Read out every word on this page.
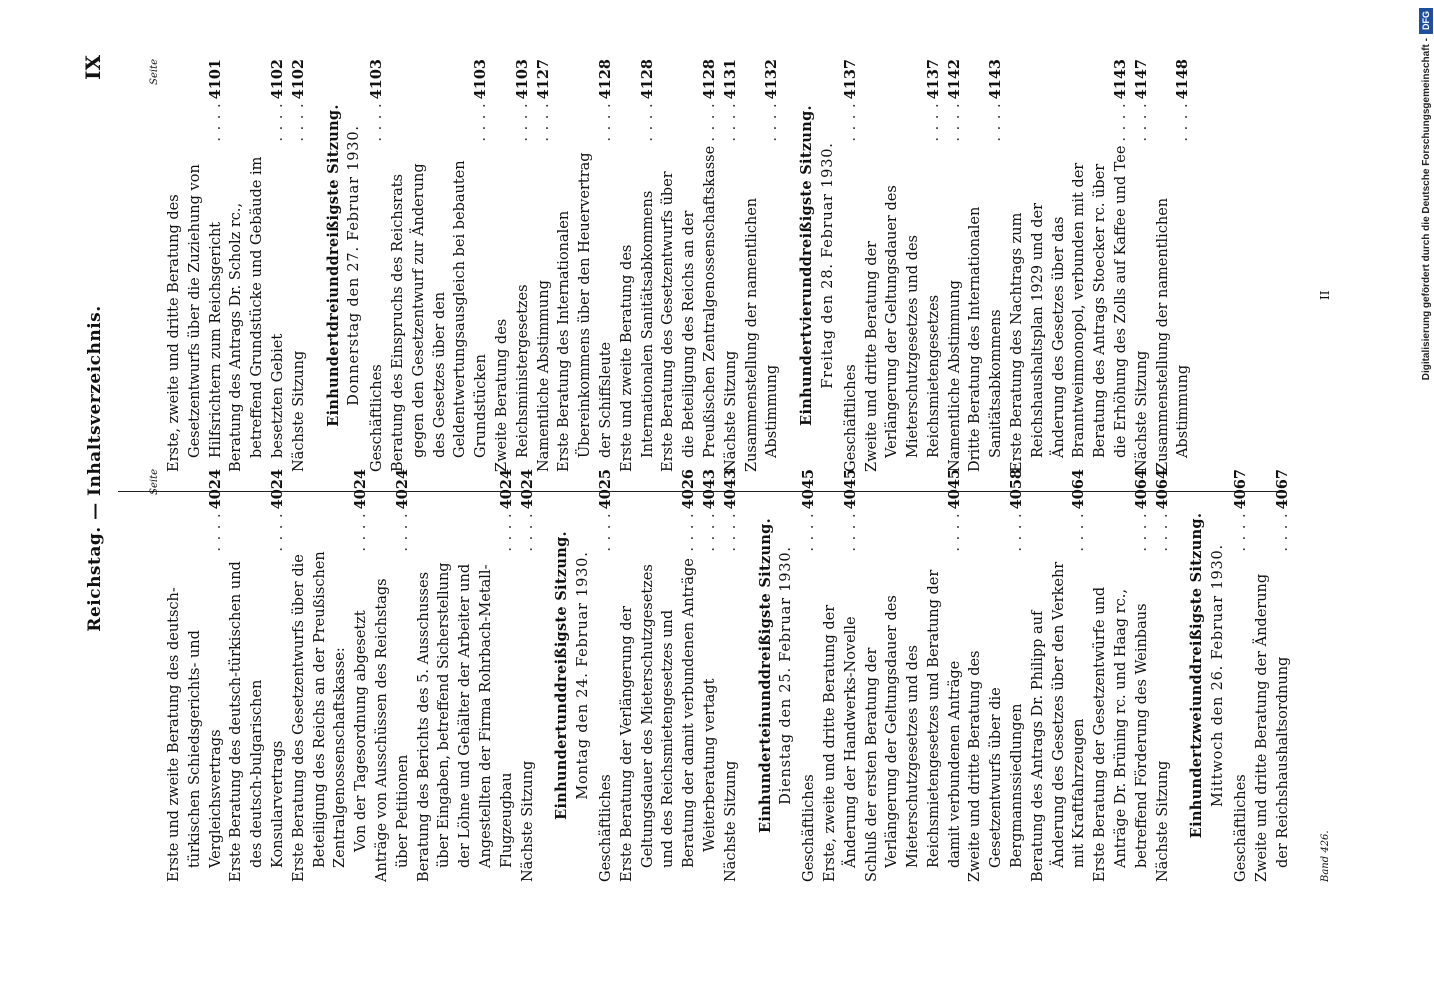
Reichstag. — Inhaltsverzeichnis.
IX
Seite
Erste und zweite Beratung des deutsch-türkischen Schiedsgerichts- und Vergleichsvertrags
. . . .
4024
Erste Beratung des deutsch-türkischen und des deutsch-bulgarischen Konsularvertrags
. . . .
4024
Erste Beratung des Gesetzentwurfs über die Beteiligung des Reichs an der Preußischen Zentralgenossenschaftskasse: Von der Tagesordnung abgesetzt
. . . .
4024
Anträge von Ausschüssen des Reichstags über Petitionen
. . . .
4024
Beratung des Berichts des 5. Ausschusses über Eingaben, betreffend Sicherstellung der Löhne und Gehälter der Arbeiter und Angestellten der Firma Rohrbach-Metall-Flugzeugbau
. . . .
4024
Nächste Sitzung
. . . .
4024
Einhundertunddreißigste Sitzung. Montag den 24. Februar 1930.
Geschäftliches
. . . .
4025
Erste Beratung der Verlängerung der Geltungsdauer des Mieterschutzgesetzes und des Reichsmietengesetzes und Beratung der damit verbundenen Anträge
. . . .
4026
Weiterberatung vertagt
. . . .
4043
Nächste Sitzung
. . . .
4043
Einhunderteinunddreißigste Sitzung. Dienstag den 25. Februar 1930.
Geschäftliches
. . . .
4045
Erste, zweite und dritte Beratung der Änderung der Handwerks-Novelle
. . . .
4045
Schluß der ersten Beratung der Verlängerung der Geltungsdauer des Mieterschutzgesetzes und des Reichsmietengesetzes und Beratung der damit verbundenen Anträge
. . . .
4045
Zweite und dritte Beratung des Gesetzentwurfs über die Bergmannssiedlungen
. . . .
4058
Beratung des Antrags Dr. Philipp auf Änderung des Gesetzes über den Verkehr mit Kraftfahrzeugen
. . . .
4064
Erste Beratung der Gesetzentwürfe und Anträge Dr. Brüning rc. und Haag rc., betreffend Förderung des Weinbaus
. . . .
4064
Nächste Sitzung
. . . .
4064
Einhundertzweiunddreißigste Sitzung. Mittwoch den 26. Februar 1930.
Geschäftliches
. . . .
4067
Zweite und dritte Beratung der Änderung der Reichshaushaltsordnung
. . . .
4067
Seite
Erste, zweite und dritte Beratung des Gesetzentwurfs über die Zuziehung von Hilfsrichtern zum Reichsgericht
. . . .
4101
Beratung des Antrags Dr. Scholz rc., betreffend Grundstücke und Gebäude im besetzten Gebiet
. . . .
4102
Nächste Sitzung
. . . .
4102
Einhundertdreiunddreißigste Sitzung. Donnerstag den 27. Februar 1930.
Geschäftliches
. . . .
4103
Beratung des Einspruchs des Reichsrats gegen den Gesetzentwurf zur Änderung des Gesetzes über den Geldentwertungsausgleich bei bebauten Grundstücken
. . . .
4103
Zweite Beratung des Reichsministergesetzes
. . . .
4103
Namentliche Abstimmung
. . . .
4127
Erste Beratung des Internationalen Übereinkommens über den Heuervertrag der Schiffsleute
. . . .
4128
Erste und zweite Beratung des Internationalen Sanitätsabkommens
. . . .
4128
Erste Beratung des Gesetzentwurfs über die Beteiligung des Reichs an der Preußischen Zentralgenossenschaftskasse
. . . .
4128
Nächste Sitzung
. . . .
4131
Zusammenstellung der namentlichen Abstimmung
. . . .
4132
Einhundertvierunddreißigste Sitzung. Freitag den 28. Februar 1930.
Geschäftliches
. . . .
4137
Zweite und dritte Beratung der Verlängerung der Geltungsdauer des Mieterschutzgesetzes und des Reichsmietengesetzes
. . . .
4137
Namentliche Abstimmung
. . . .
4142
Dritte Beratung des Internationalen Sanitätsabkommens
. . . .
4143
Erste Beratung des Nachtrags zum Reichshaushaltsplan 1929 und der Änderung des Gesetzes über das Branntweinmonopol, verbunden mit der Beratung des Antrags Stoecker rc. über die Erhöhung des Zolls auf Kaffee und Tee
. . . .
4143
Nächste Sitzung
. . . .
4147
Zusammenstellung der namentlichen Abstimmung
. . . .
4148
Band 426.
II
DFG
Digitalisierung gefördert durch die Deutsche Forschungsgemeinschaft -
